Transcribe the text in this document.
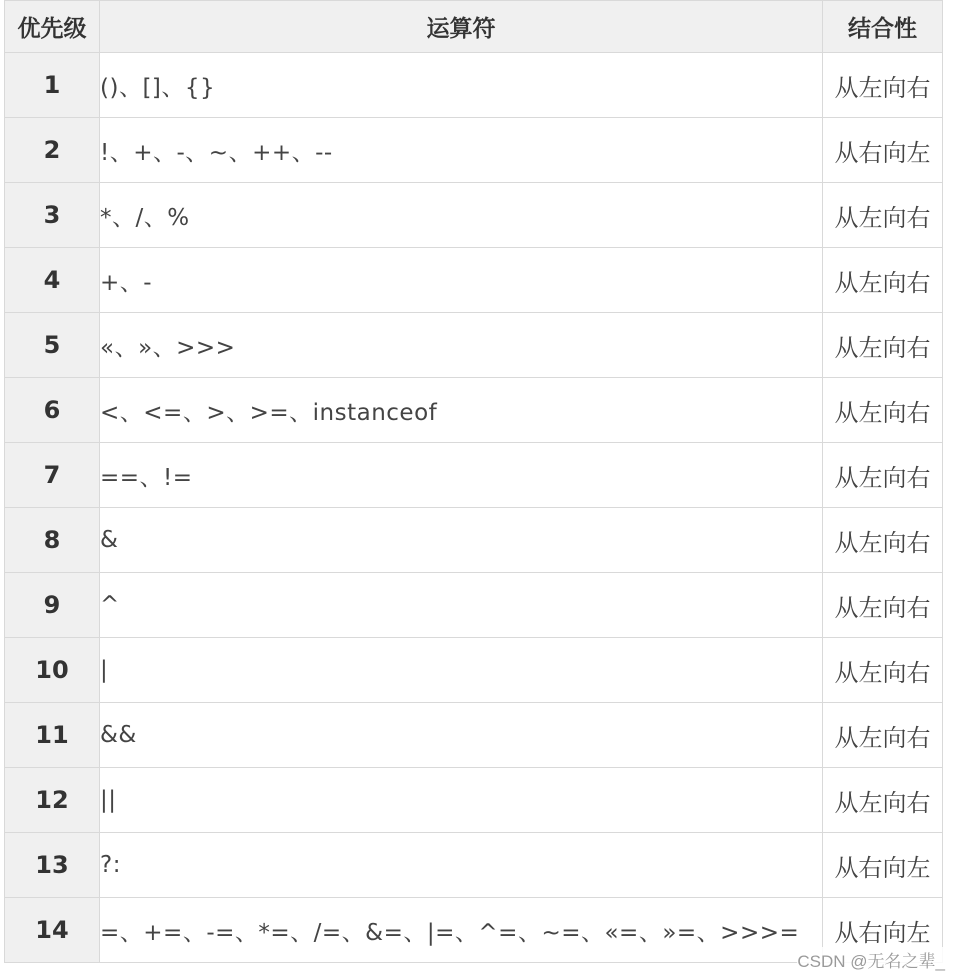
优先级	运算符	结合性
1	()、[]、{}	从左向右
2	!、+、-、~、++、--	从右向左
3	*、/、%	从左向右
4	+、-	从左向右
5	«、»、>>>	从左向右
6	<、<=、>、>=、instanceof	从左向右
7	==、!=	从左向右
8	&	从左向右
9	^	从左向右
10	|	从左向右
11	&&	从左向右
12	||	从左向右
13	?:	从右向左
14	=、+=、-=、*=、/=、&=、|=、^=、~=、«=、»=、>>>=	从右向左
CSDN @无名之辈_
